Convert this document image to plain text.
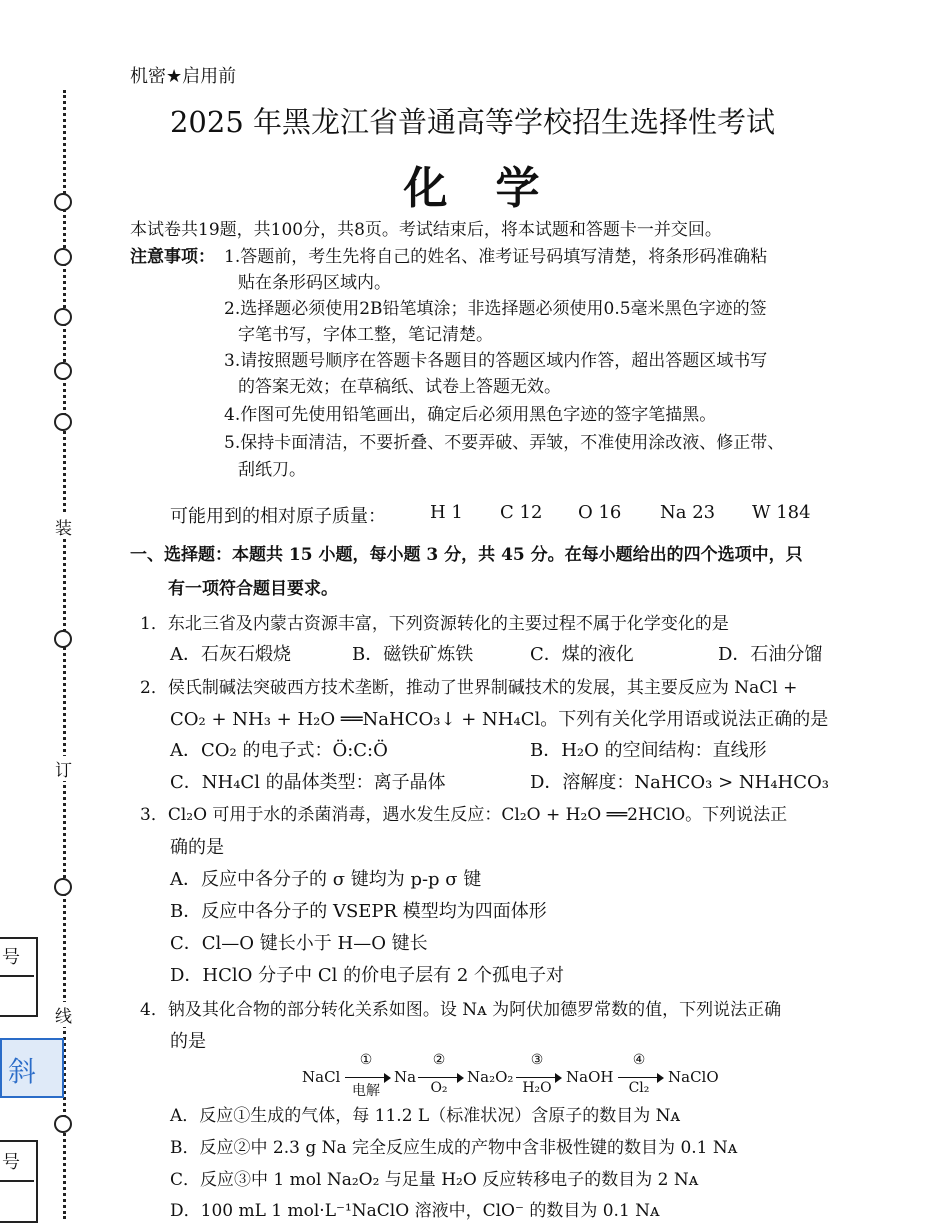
装
订
线
号
斜
号
机密★启用前
2025 年黑龙江省普通高等学校招生选择性考试
化　学
本试卷共19题，共100分，共8页。考试结束后，将本试题和答题卡一并交回。
注意事项： 1.答题前，考生先将自己的姓名、准考证号码填写清楚，将条形码准确粘
贴在条形码区域内。
2.选择题必须使用2B铅笔填涂；非选择题必须使用0.5毫米黑色字迹的签
字笔书写，字体工整，笔记清楚。
3.请按照题号顺序在答题卡各题目的答题区域内作答，超出答题区域书写
的答案无效；在草稿纸、试卷上答题无效。
4.作图可先使用铅笔画出，确定后必须用黑色字迹的签字笔描黑。
5.保持卡面清洁，不要折叠、不要弄破、弄皱，不准使用涂改液、修正带、
刮纸刀。
可能用到的相对原子质量： H 1 C 12 O 16 Na 23 W 184
一、选择题：本题共 15 小题，每小题 3 分，共 45 分。在每小题给出的四个选项中，只
有一项符合题目要求。
1．东北三省及内蒙古资源丰富，下列资源转化的主要过程不属于化学变化的是
A．石灰石煅烧	B．磁铁矿炼铁	C．煤的液化	D．石油分馏
2．侯氏制碱法突破西方技术垄断，推动了世界制碱技术的发展，其主要反应为 NaCl +
CO₂ + NH₃ + H₂O ══NaHCO₃↓ + NH₄Cl。下列有关化学用语或说法正确的是
A．CO₂ 的电子式：Ö:C:Ö	B．H₂O 的空间结构：直线形
C．NH₄Cl 的晶体类型：离子晶体	D．溶解度：NaHCO₃ > NH₄HCO₃
3．Cl₂O 可用于水的杀菌消毒，遇水发生反应：Cl₂O + H₂O ══2HClO。下列说法正
确的是
A．反应中各分子的 σ 键均为 p-p σ 键
B．反应中各分子的 VSEPR 模型均为四面体形
C．Cl—O 键长小于 H—O 键长
D．HClO 分子中 Cl 的价电子层有 2 个孤电子对
4．钠及其化合物的部分转化关系如图。设 Nᴀ 为阿伏加德罗常数的值，下列说法正确
的是
NaCl
①
电解
Na
②
O₂
Na₂O₂
③
H₂O
NaOH
④
Cl₂
NaClO
A．反应①生成的气体，每 11.2 L（标准状况）含原子的数目为 Nᴀ
B．反应②中 2.3 g Na 完全反应生成的产物中含非极性键的数目为 0.1 Nᴀ
C．反应③中 1 mol Na₂O₂ 与足量 H₂O 反应转移电子的数目为 2 Nᴀ
D．100 mL 1 mol·L⁻¹NaClO 溶液中，ClO⁻ 的数目为 0.1 Nᴀ
